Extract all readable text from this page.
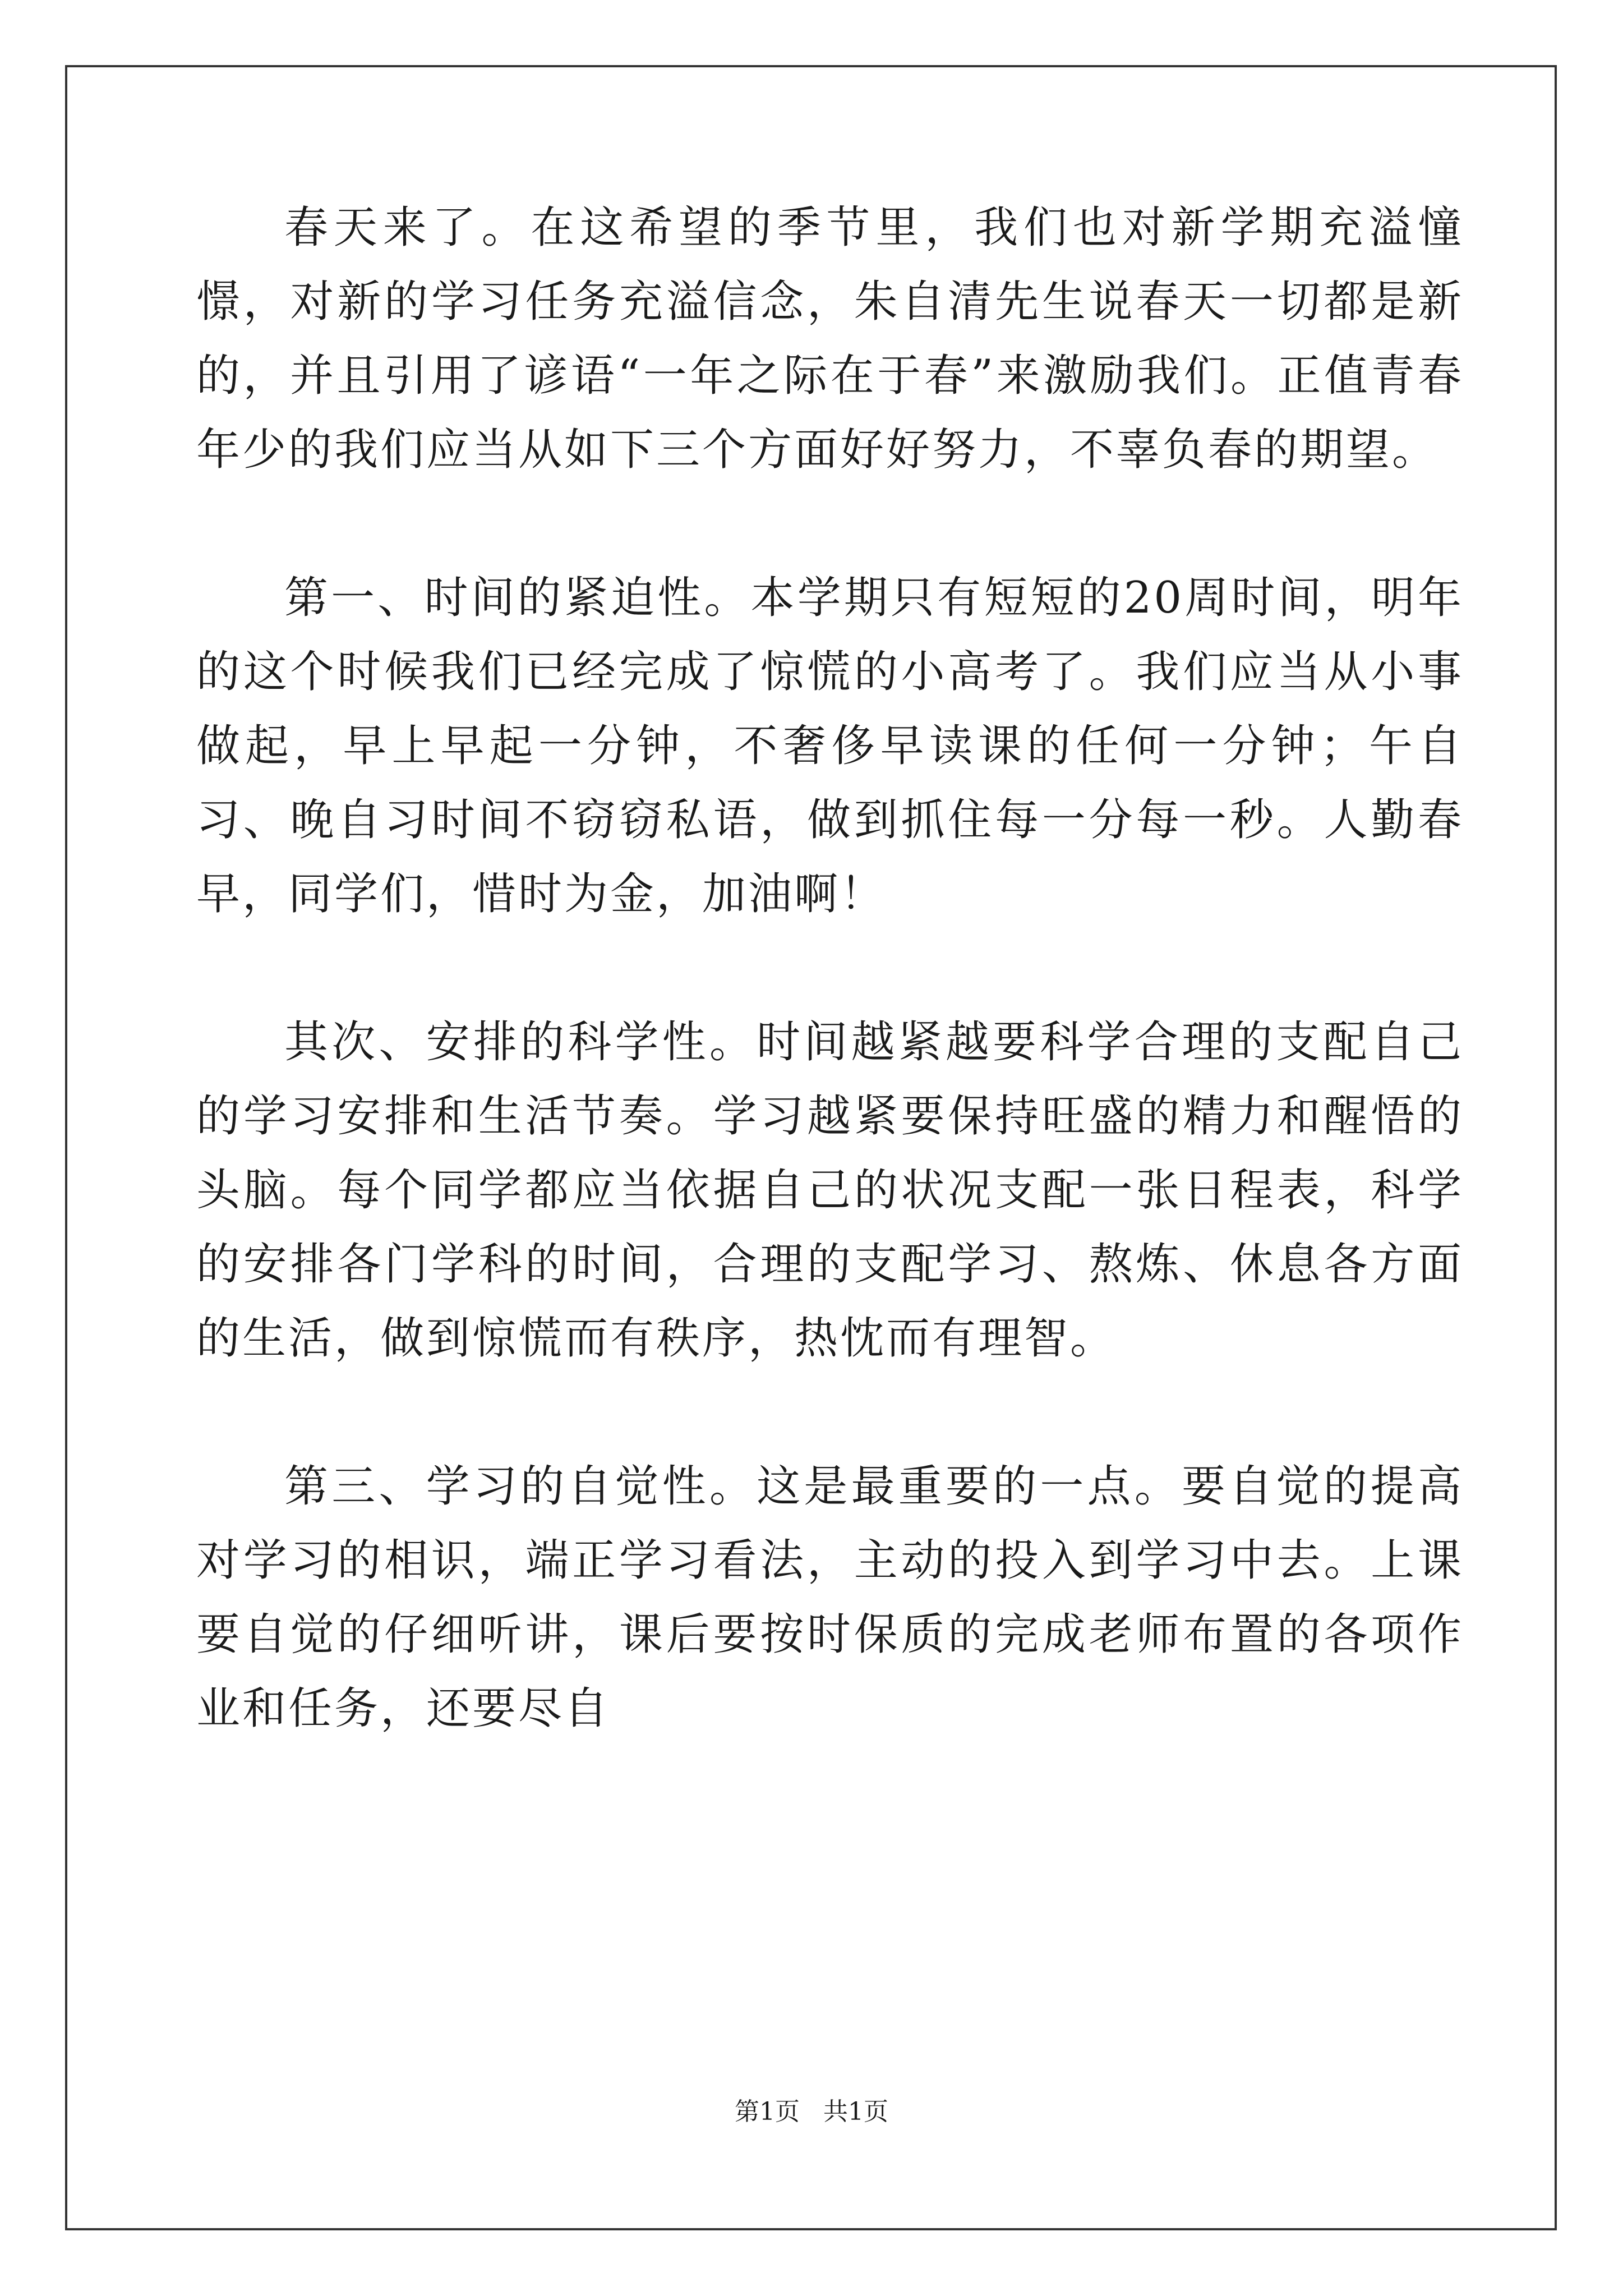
春天来了。在这希望的季节里，我们也对新学期充溢憧憬，对新的学习任务充溢信念，朱自清先生说春天一切都是新的，并且引用了谚语“一年之际在于春”来激励我们。正值青春年少的我们应当从如下三个方面好好努力，不辜负春的期望。

第一、时间的紧迫性。本学期只有短短的20周时间，明年的这个时候我们已经完成了惊慌的小高考了。我们应当从小事做起，早上早起一分钟，不奢侈早读课的任何一分钟；午自习、晚自习时间不窃窃私语，做到抓住每一分每一秒。人勤春早，同学们，惜时为金，加油啊！

其次、安排的科学性。时间越紧越要科学合理的支配自己的学习安排和生活节奏。学习越紧要保持旺盛的精力和醒悟的头脑。每个同学都应当依据自己的状况支配一张日程表，科学的安排各门学科的时间，合理的支配学习、熬炼、休息各方面的生活，做到惊慌而有秩序，热忱而有理智。

第三、学习的自觉性。这是最重要的一点。要自觉的提高对学习的相识，端正学习看法，主动的投入到学习中去。上课要自觉的仔细听讲，课后要按时保质的完成老师布置的各项作业和任务，还要尽自

第1页   共1页
